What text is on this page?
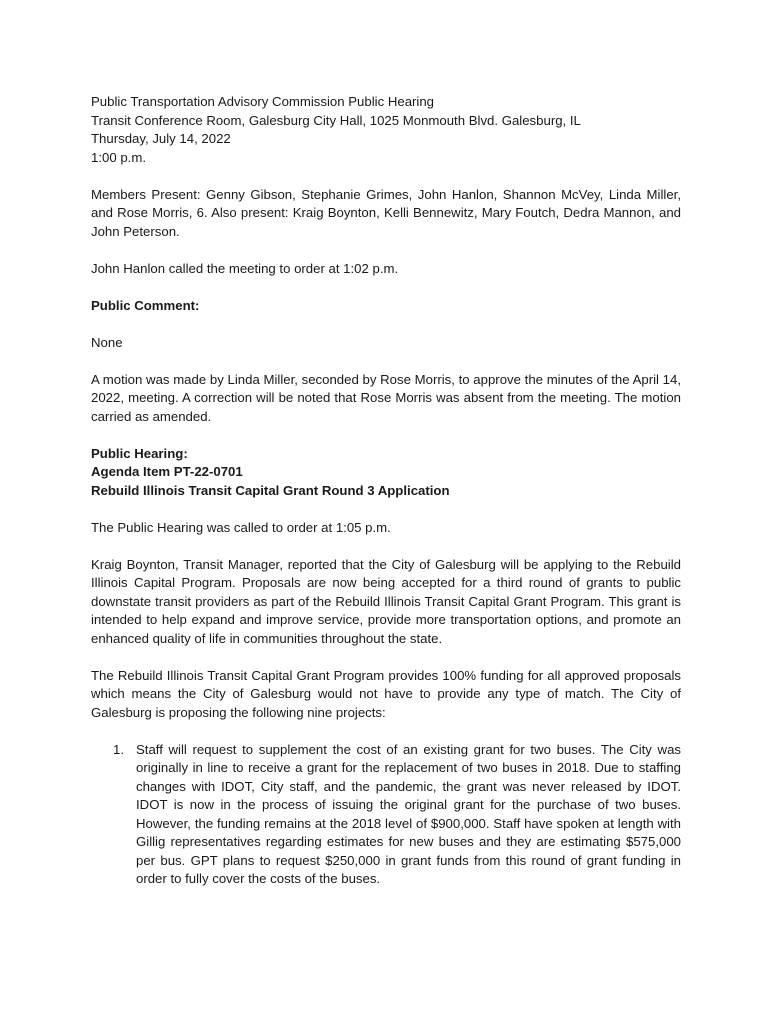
Public Transportation Advisory Commission Public Hearing
Transit Conference Room, Galesburg City Hall, 1025 Monmouth Blvd. Galesburg, IL
Thursday, July 14, 2022
1:00 p.m.

Members Present: Genny Gibson, Stephanie Grimes, John Hanlon, Shannon McVey, Linda Miller, and Rose Morris, 6. Also present: Kraig Boynton, Kelli Bennewitz, Mary Foutch, Dedra Mannon, and John Peterson.

John Hanlon called the meeting to order at 1:02 p.m.

Public Comment:

None

A motion was made by Linda Miller, seconded by Rose Morris, to approve the minutes of the April 14, 2022, meeting. A correction will be noted that Rose Morris was absent from the meeting. The motion carried as amended.

Public Hearing:
Agenda Item PT-22-0701
Rebuild Illinois Transit Capital Grant Round 3 Application

The Public Hearing was called to order at 1:05 p.m.

Kraig Boynton, Transit Manager, reported that the City of Galesburg will be applying to the Rebuild Illinois Capital Program. Proposals are now being accepted for a third round of grants to public downstate transit providers as part of the Rebuild Illinois Transit Capital Grant Program. This grant is intended to help expand and improve service, provide more transportation options, and promote an enhanced quality of life in communities throughout the state.

The Rebuild Illinois Transit Capital Grant Program provides 100% funding for all approved proposals which means the City of Galesburg would not have to provide any type of match. The City of Galesburg is proposing the following nine projects:

1. Staff will request to supplement the cost of an existing grant for two buses. The City was originally in line to receive a grant for the replacement of two buses in 2018. Due to staffing changes with IDOT, City staff, and the pandemic, the grant was never released by IDOT. IDOT is now in the process of issuing the original grant for the purchase of two buses. However, the funding remains at the 2018 level of $900,000. Staff have spoken at length with Gillig representatives regarding estimates for new buses and they are estimating $575,000 per bus. GPT plans to request $250,000 in grant funds from this round of grant funding in order to fully cover the costs of the buses.
